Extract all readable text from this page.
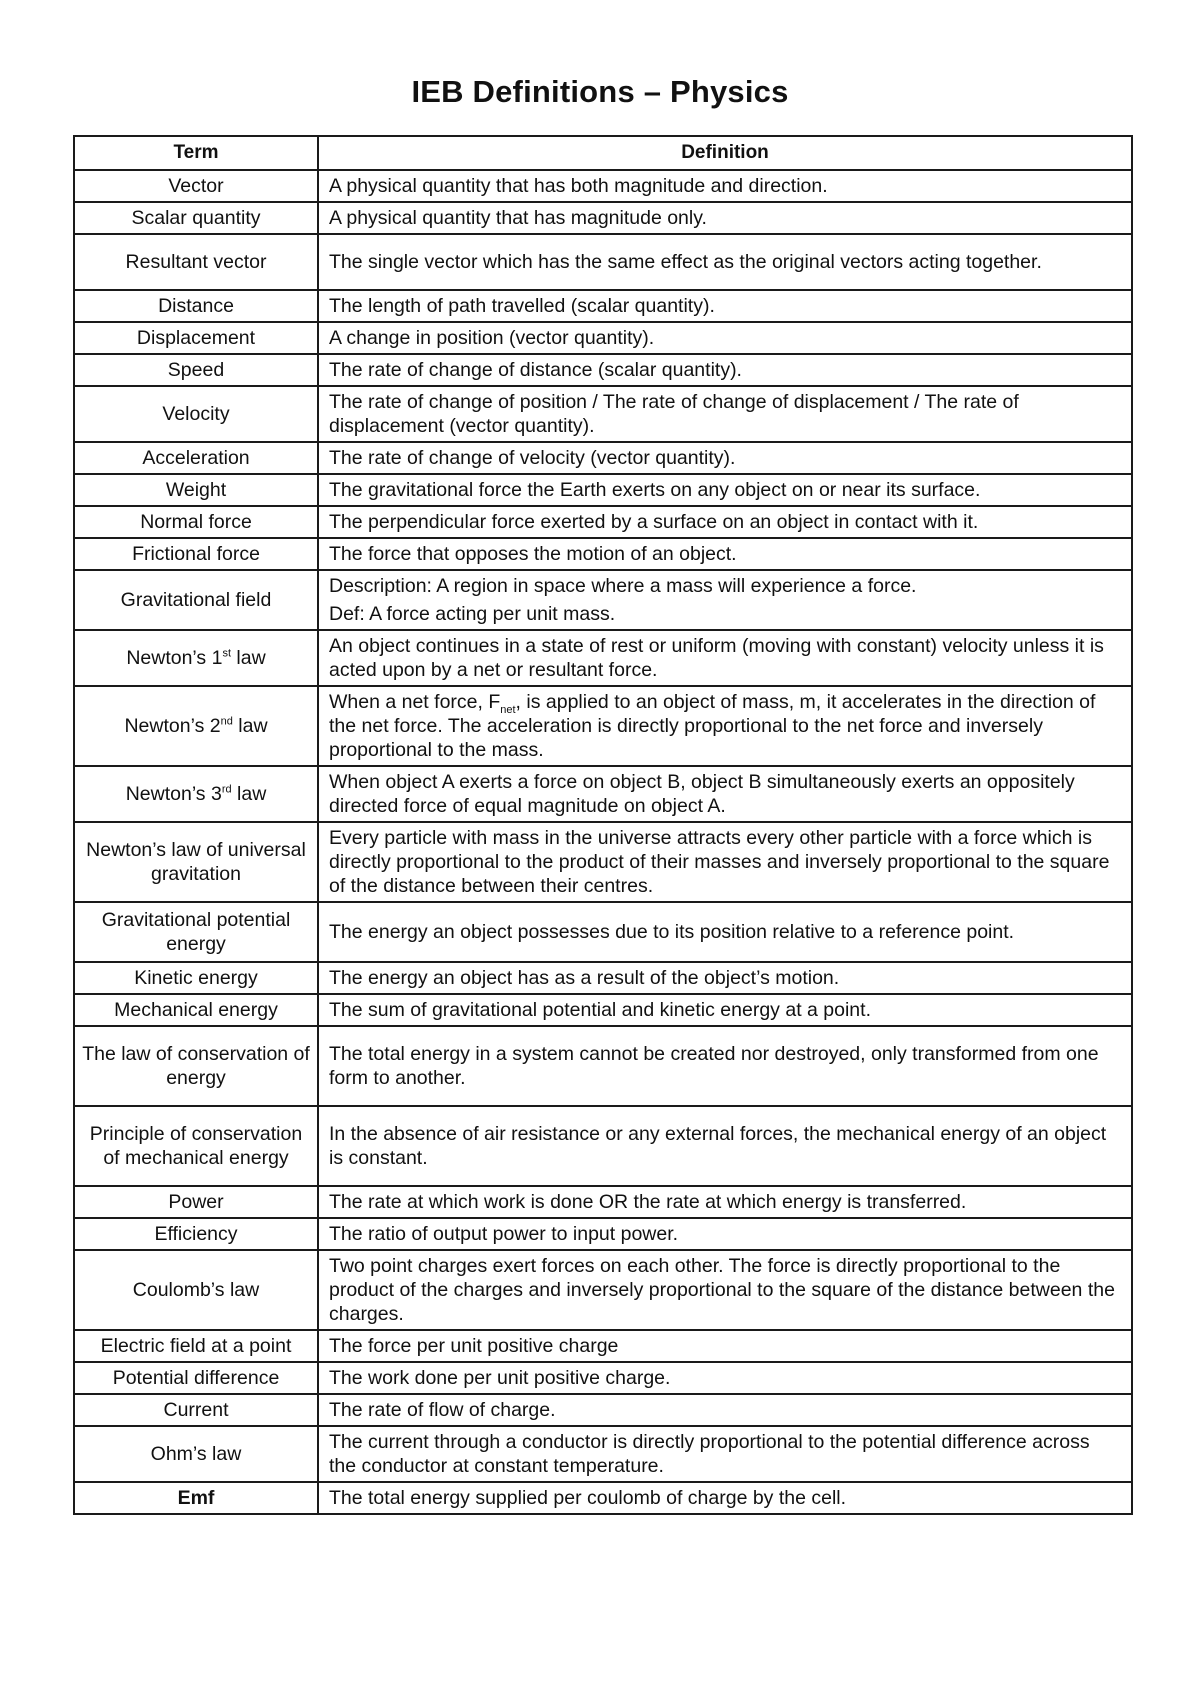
IEB Definitions – Physics
Term	Definition
Vector	A physical quantity that has both magnitude and direction.
Scalar quantity	A physical quantity that has magnitude only.
Resultant vector	The single vector which has the same effect as the original vectors acting together.
Distance	The length of path travelled (scalar quantity).
Displacement	A change in position (vector quantity).
Speed	The rate of change of distance (scalar quantity).
Velocity	The rate of change of position / The rate of change of displacement / The rate of displacement (vector quantity).
Acceleration	The rate of change of velocity (vector quantity).
Weight	The gravitational force the Earth exerts on any object on or near its surface.
Normal force	The perpendicular force exerted by a surface on an object in contact with it.
Frictional force	The force that opposes the motion of an object.
Gravitational field	Description: A region in space where a mass will experience a force.
Def: A force acting per unit mass.
Newton’s 1st law	An object continues in a state of rest or uniform (moving with constant) velocity unless it is acted upon by a net or resultant force.
Newton’s 2nd law	When a net force, $F_{net}$, is applied to an object of mass, m, it accelerates in the direction of the net force. The acceleration is directly proportional to the net force and inversely proportional to the mass.
Newton’s 3rd law	When object A exerts a force on object B, object B simultaneously exerts an oppositely directed force of equal magnitude on object A.
Newton’s law of universal gravitation	Every particle with mass in the universe attracts every other particle with a force which is directly proportional to the product of their masses and inversely proportional to the square of the distance between their centres.
Gravitational potential energy	The energy an object possesses due to its position relative to a reference point.
Kinetic energy	The energy an object has as a result of the object’s motion.
Mechanical energy	The sum of gravitational potential and kinetic energy at a point.
The law of conservation of energy	The total energy in a system cannot be created nor destroyed, only transformed from one form to another.
Principle of conservation of mechanical energy	In the absence of air resistance or any external forces, the mechanical energy of an object is constant.
Power	The rate at which work is done OR the rate at which energy is transferred.
Efficiency	The ratio of output power to input power.
Coulomb’s law	Two point charges exert forces on each other. The force is directly proportional to the product of the charges and inversely proportional to the square of the distance between the charges.
Electric field at a point	The force per unit positive charge
Potential difference	The work done per unit positive charge.
Current	The rate of flow of charge.
Ohm’s law	The current through a conductor is directly proportional to the potential difference across the conductor at constant temperature.
Emf	The total energy supplied per coulomb of charge by the cell.
